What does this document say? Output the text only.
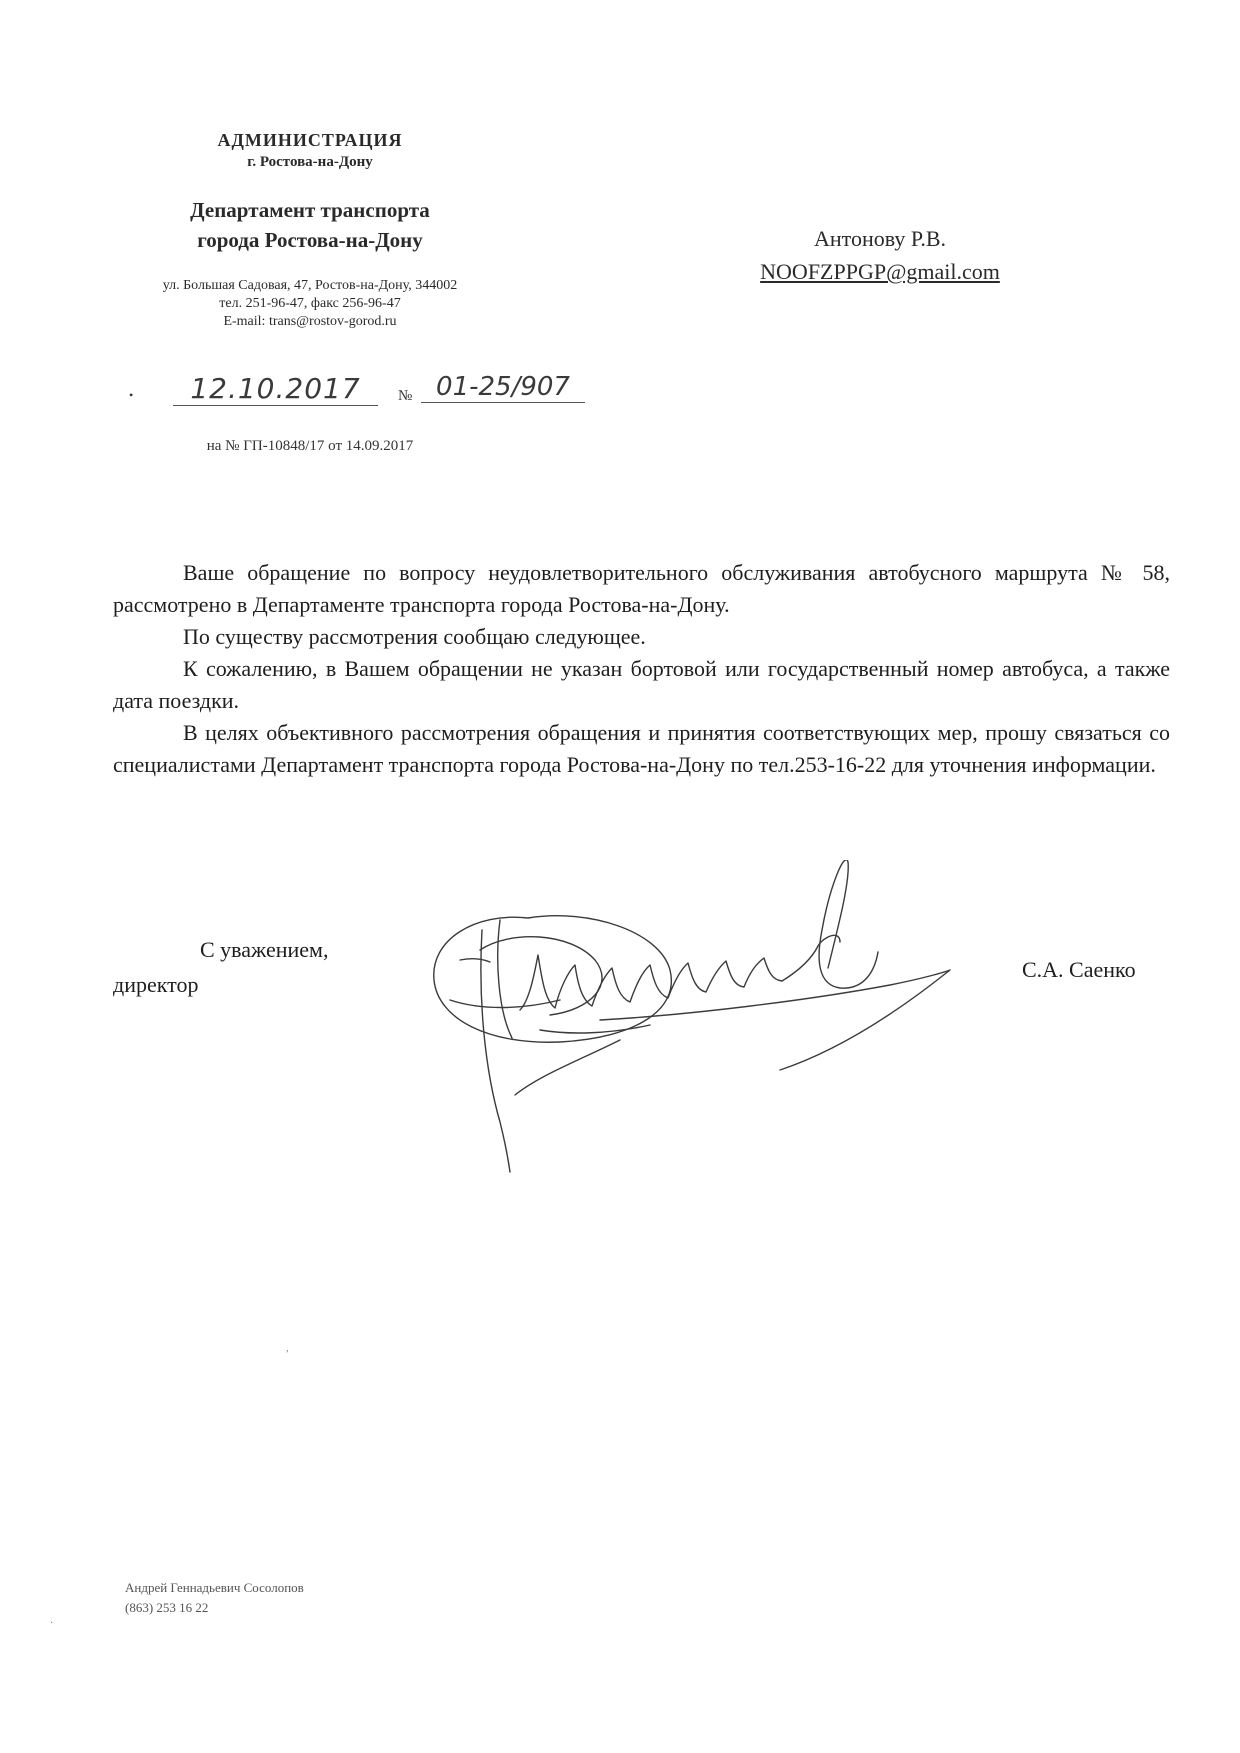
АДМИНИСТРАЦИЯ
г. Ростова-на-Дону
Департамент транспорта
города Ростова-на-Дону
ул. Большая Садовая, 47, Ростов-на-Дону, 344002
тел. 251-96-47, факс 256-96-47
E-mail: trans@rostov-gorod.ru
•	12.10.2017	№ 01-25/907
на № ГП-10848/17 от 14.09.2017
Антонову Р.В.
NOOFZPPGP@gmail.com

Ваше обращение по вопросу неудовлетворительного обслуживания автобусного маршрута № 58, рассмотрено в Департаменте транспорта города Ростова-на-Дону.

По существу рассмотрения сообщаю следующее.

К сожалению, в Вашем обращении не указан бортовой или государственный номер автобуса, а также дата поездки.

В целях объективного рассмотрения обращения и принятия соответствующих мер, прошу связаться со специалистами Департамент транспорта города Ростова-на-Дону по тел.253-16-22 для уточнения информации.

С уважением,
директор
С.А. Саенко
Андрей Геннадьевич Сосолопов
(863) 253 16 22
,
·
